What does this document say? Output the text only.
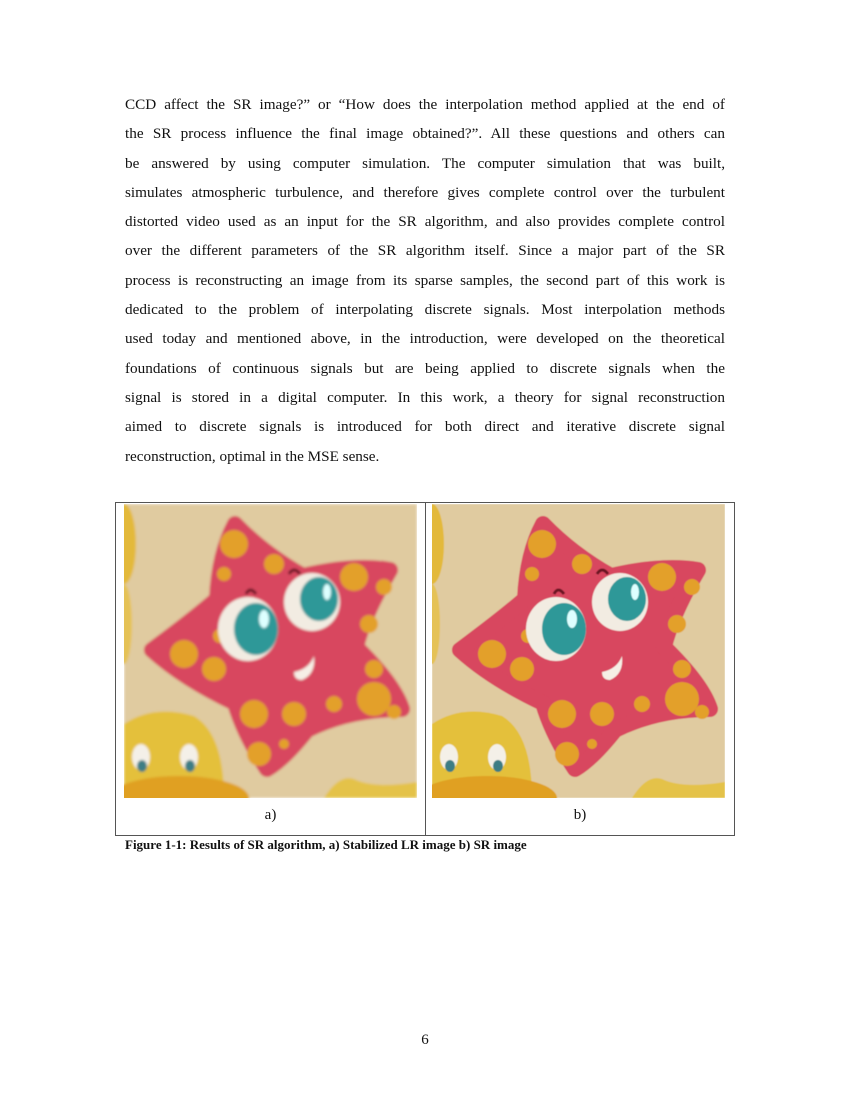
CCD affect the SR image?” or “How does the interpolation method applied at the end of
the SR process influence the final image obtained?”. All these questions and others can
be answered by using computer simulation. The computer simulation that was built,
simulates atmospheric turbulence, and therefore gives complete control over the turbulent
distorted video used as an input for the SR algorithm, and also provides complete control
over the different parameters of the SR algorithm itself. Since a major part of the SR
process is reconstructing an image from its sparse samples, the second part of this work is
dedicated to the problem of interpolating discrete signals. Most interpolation methods
used today and mentioned above, in the introduction, were developed on the theoretical
foundations of continuous signals but are being applied to discrete signals when the
signal is stored in a digital computer. In this work, a theory for signal reconstruction
aimed to discrete signals is introduced for both direct and iterative discrete signal
reconstruction, optimal in the MSE sense.
a)	b)
Figure 1-1: Results of SR algorithm, a) Stabilized LR image b) SR image
6
